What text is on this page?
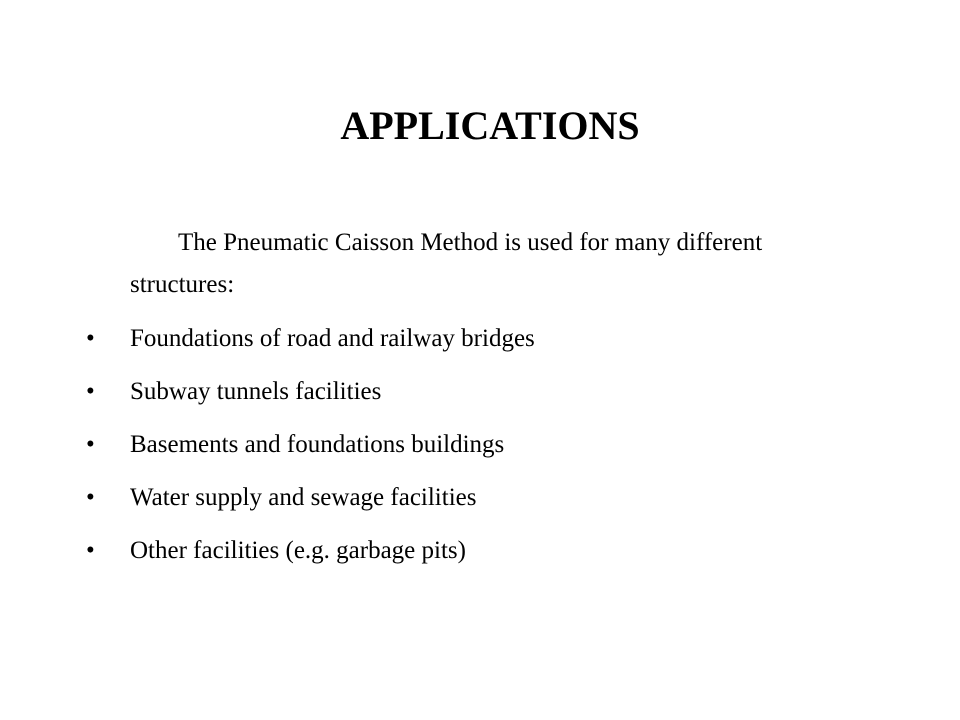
APPLICATIONS

The Pneumatic Caisson Method is used for many different structures:

• Foundations of road and railway bridges
• Subway tunnels facilities
• Basements and foundations buildings
• Water supply and sewage facilities
• Other facilities (e.g. garbage pits)
